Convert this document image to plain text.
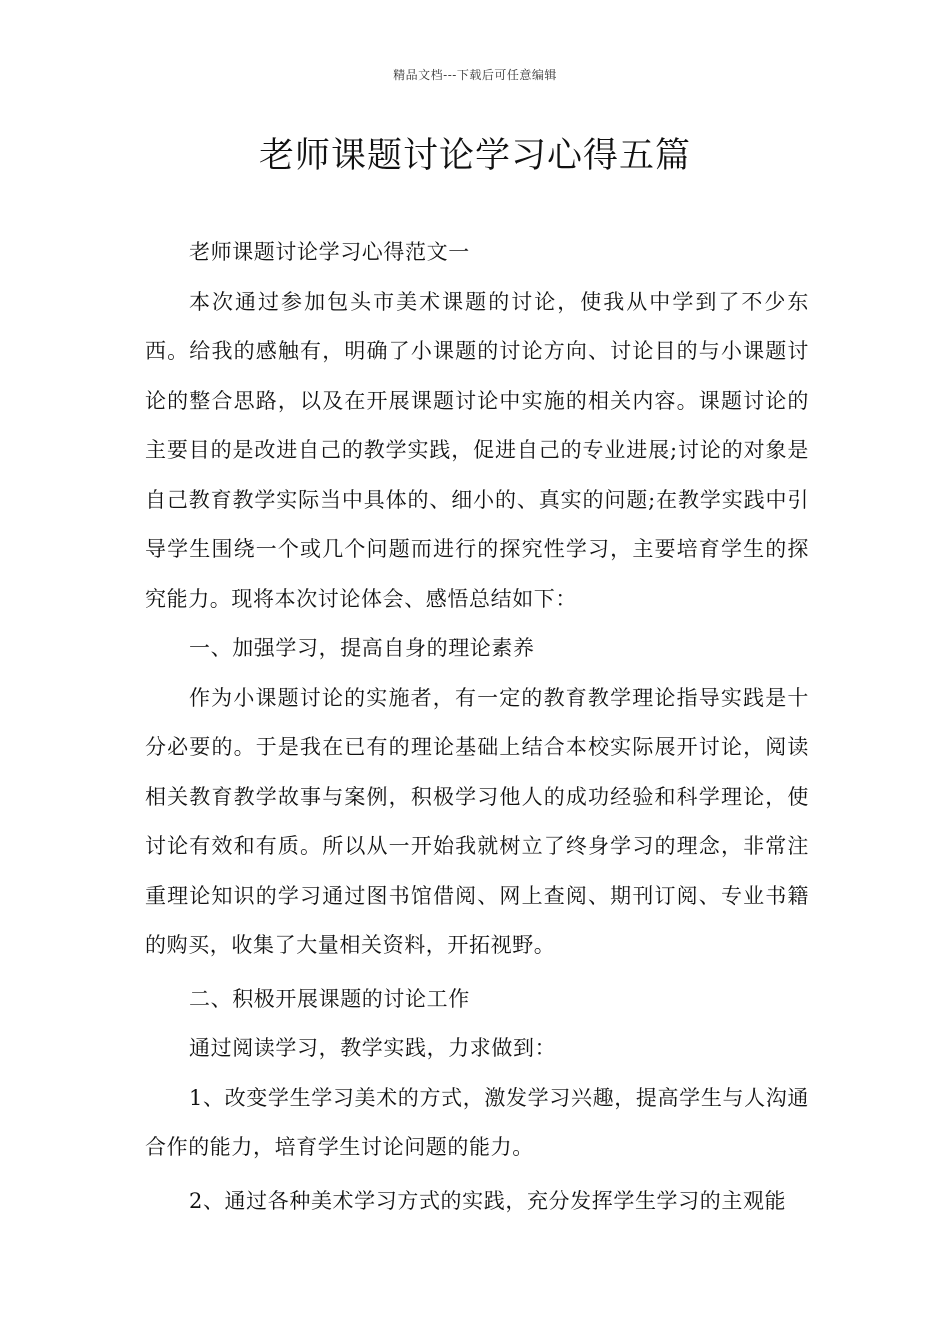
精品文档---下载后可任意编辑
老师课题讨论学习心得五篇

老师课题讨论学习心得范文一

本次通过参加包头市美术课题的讨论，使我从中学到了不少东西。给我的感触有，明确了小课题的讨论方向、讨论目的与小课题讨论的整合思路，以及在开展课题讨论中实施的相关内容。课题讨论的主要目的是改进自己的教学实践，促进自己的专业进展;讨论的对象是自己教育教学实际当中具体的、细小的、真实的问题;在教学实践中引导学生围绕一个或几个问题而进行的探究性学习，主要培育学生的探究能力。现将本次讨论体会、感悟总结如下：

一、加强学习，提高自身的理论素养

作为小课题讨论的实施者，有一定的教育教学理论指导实践是十分必要的。于是我在已有的理论基础上结合本校实际展开讨论，阅读相关教育教学故事与案例，积极学习他人的成功经验和科学理论，使讨论有效和有质。所以从一开始我就树立了终身学习的理念，非常注重理论知识的学习通过图书馆借阅、网上查阅、期刊订阅、专业书籍的购买，收集了大量相关资料，开拓视野。

二、积极开展课题的讨论工作

通过阅读学习，教学实践，力求做到：

1、改变学生学习美术的方式，激发学习兴趣，提高学生与人沟通合作的能力，培育学生讨论问题的能力。

2、通过各种美术学习方式的实践，充分发挥学生学习的主观能
